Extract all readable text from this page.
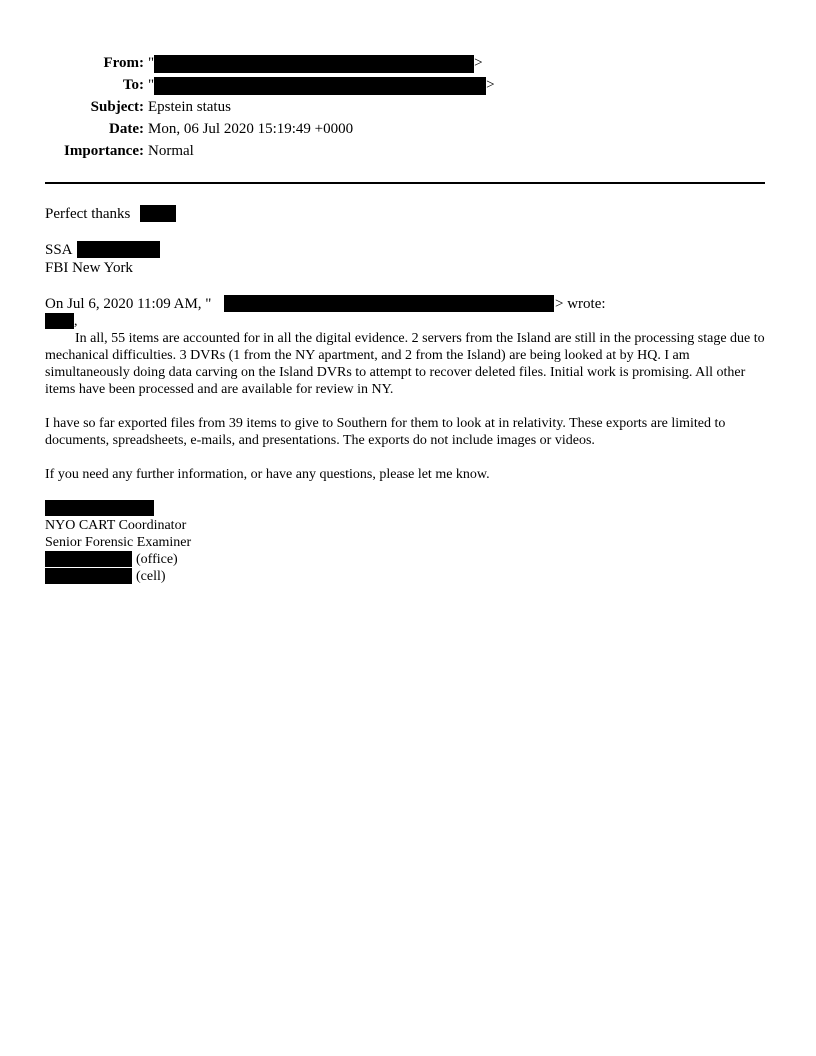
From: "	>
To: "	>
Subject: Epstein status
Date: Mon, 06 Jul 2020 15:19:49 +0000
Importance: Normal
Perfect thanks
SSA
FBI New York
On Jul 6, 2020 11:09 AM, "	> wrote:
,
In all, 55 items are accounted for in all the digital evidence. 2 servers from the Island are still in the processing stage due to mechanical difficulties. 3 DVRs (1 from the NY apartment, and 2 from the Island) are being looked at by HQ. I am simultaneously doing data carving on the Island DVRs to attempt to recover deleted files. Initial work is promising. All other items have been processed and are available for review in NY.
I have so far exported files from 39 items to give to Southern for them to look at in relativity. These exports are limited to documents, spreadsheets, e-mails, and presentations. The exports do not include images or videos.
If you need any further information, or have any questions, please let me know.
NYO CART Coordinator
Senior Forensic Examiner
(office)
(cell)
